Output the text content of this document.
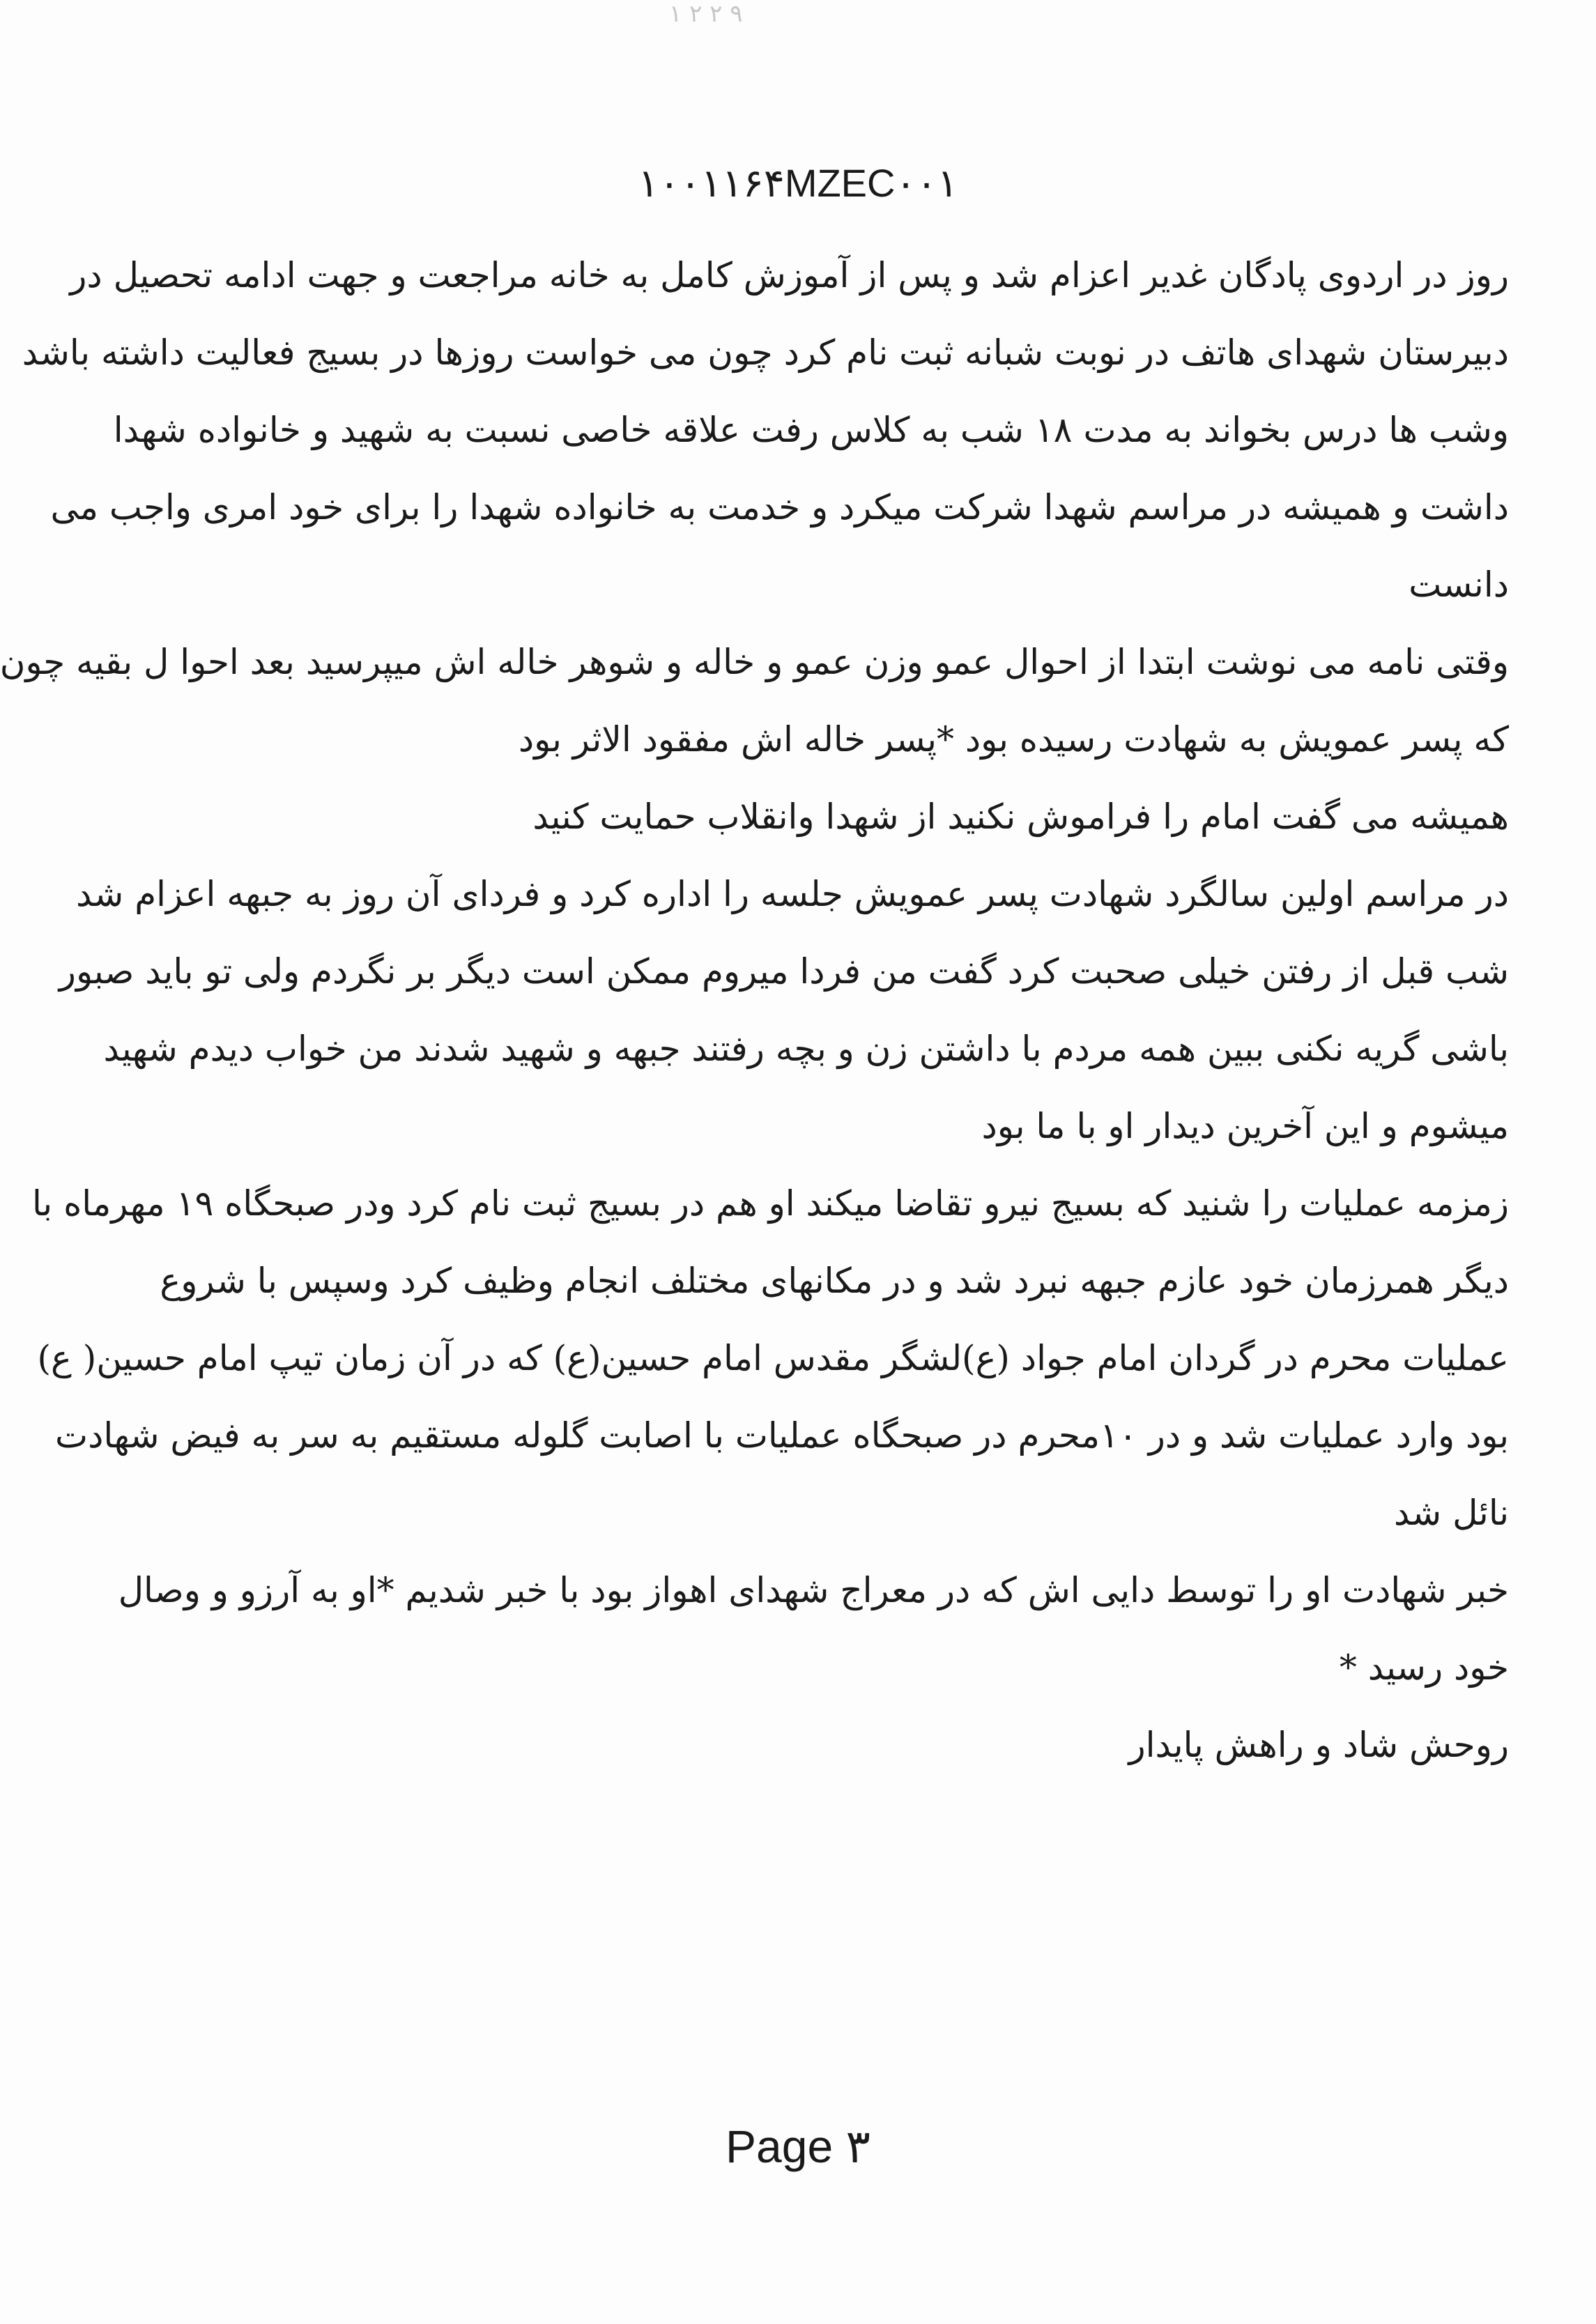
۱ ۲ ۲ ۹
۱۰۰۱۱۶۴MZEC۰۰۱
روز در اردوی پادگان غدیر اعزام شد و پس از آموزش کامل به خانه مراجعت و جهت ادامه تحصیل در
دبیرستان شهدای هاتف در نوبت شبانه ثبت نام کرد چون می خواست روزها در بسیج فعالیت داشته باشد
وشب ها درس بخواند به مدت ۱۸ شب به کلاس رفت علاقه خاصی نسبت به شهید و خانواده شهدا
داشت و همیشه در مراسم شهدا شرکت میکرد و خدمت به خانواده شهدا را برای خود امری واجب می
دانست
وقتی نامه می نوشت ابتدا از احوال عمو وزن عمو و خاله و شوهر خاله اش میپرسید بعد احوا ل بقیه چون
که پسر عمویش به شهادت رسیده بود *پسر خاله اش مفقود الاثر بود
همیشه می گفت امام را فراموش نکنید از شهدا وانقلاب حمایت کنید
در مراسم اولین سالگرد شهادت پسر عمویش جلسه را اداره کرد و فردای آن روز به جبهه اعزام شد
شب قبل از رفتن خیلی صحبت کرد گفت من فردا میروم ممکن است دیگر بر نگردم ولی تو باید صبور
باشی گریه نکنی ببین همه مردم با داشتن زن و بچه رفتند جبهه و شهید شدند من خواب دیدم شهید
میشوم و این آخرین دیدار او با ما بود
زمزمه عملیات را شنید که بسیج نیرو تقاضا میکند او هم در بسیج ثبت نام کرد ودر صبحگاه ۱۹ مهرماه با
دیگر همرزمان خود عازم جبهه نبرد شد و در مکانهای مختلف انجام وظیف کرد وسپس با شروع
عملیات محرم در گردان امام جواد (ع)لشگر مقدس امام حسین(ع) که در آن زمان تیپ امام حسین( ع)
بود وارد عملیات شد و در ۱۰محرم در صبحگاه عملیات با اصابت گلوله مستقیم به سر به فیض شهادت
نائل شد
خبر شهادت او را توسط دایی اش که در معراج شهدای اهواز بود با خبر شدیم *او به آرزو و وصال
خود رسید *
روحش شاد و راهش پایدار
Page ۳
